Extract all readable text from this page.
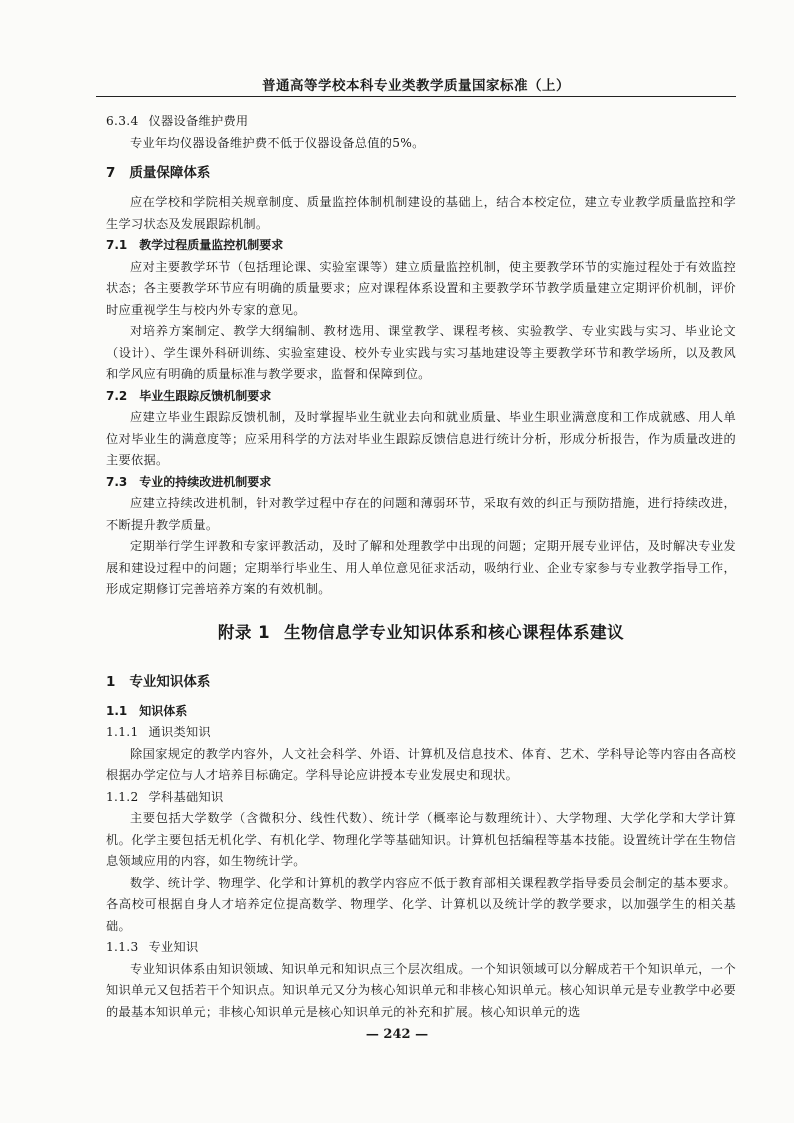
普通高等学校本科专业类教学质量国家标准（上）

6.3.4 仪器设备维护费用

专业年均仪器设备维护费不低于仪器设备总值的5%。

7 质量保障体系

应在学校和学院相关规章制度、质量监控体制机制建设的基础上，结合本校定位，建立专业教学质量监控和学生学习状态及发展跟踪机制。

7.1 教学过程质量监控机制要求

应对主要教学环节（包括理论课、实验室课等）建立质量监控机制，使主要教学环节的实施过程处于有效监控状态；各主要教学环节应有明确的质量要求；应对课程体系设置和主要教学环节教学质量建立定期评价机制，评价时应重视学生与校内外专家的意见。

对培养方案制定、教学大纲编制、教材选用、课堂教学、课程考核、实验教学、专业实践与实习、毕业论文（设计）、学生课外科研训练、实验室建设、校外专业实践与实习基地建设等主要教学环节和教学场所，以及教风和学风应有明确的质量标准与教学要求，监督和保障到位。

7.2 毕业生跟踪反馈机制要求

应建立毕业生跟踪反馈机制，及时掌握毕业生就业去向和就业质量、毕业生职业满意度和工作成就感、用人单位对毕业生的满意度等；应采用科学的方法对毕业生跟踪反馈信息进行统计分析，形成分析报告，作为质量改进的主要依据。

7.3 专业的持续改进机制要求

应建立持续改进机制，针对教学过程中存在的问题和薄弱环节，采取有效的纠正与预防措施，进行持续改进，不断提升教学质量。

定期举行学生评教和专家评教活动，及时了解和处理教学中出现的问题；定期开展专业评估，及时解决专业发展和建设过程中的问题；定期举行毕业生、用人单位意见征求活动，吸纳行业、企业专家参与专业教学指导工作，形成定期修订完善培养方案的有效机制。

附录 1 生物信息学专业知识体系和核心课程体系建议
1 专业知识体系
1.1 知识体系

1.1.1 通识类知识

除国家规定的教学内容外，人文社会科学、外语、计算机及信息技术、体育、艺术、学科导论等内容由各高校根据办学定位与人才培养目标确定。学科导论应讲授本专业发展史和现状。

1.1.2 学科基础知识

主要包括大学数学（含微积分、线性代数）、统计学（概率论与数理统计）、大学物理、大学化学和大学计算机。化学主要包括无机化学、有机化学、物理化学等基础知识。计算机包括编程等基本技能。设置统计学在生物信息领域应用的内容，如生物统计学。

数学、统计学、物理学、化学和计算机的教学内容应不低于教育部相关课程教学指导委员会制定的基本要求。各高校可根据自身人才培养定位提高数学、物理学、化学、计算机以及统计学的教学要求，以加强学生的相关基础。

1.1.3 专业知识

专业知识体系由知识领域、知识单元和知识点三个层次组成。一个知识领域可以分解成若干个知识单元，一个知识单元又包括若干个知识点。知识单元又分为核心知识单元和非核心知识单元。核心知识单元是专业教学中必要的最基本知识单元；非核心知识单元是核心知识单元的补充和扩展。核心知识单元的选

— 242 —
